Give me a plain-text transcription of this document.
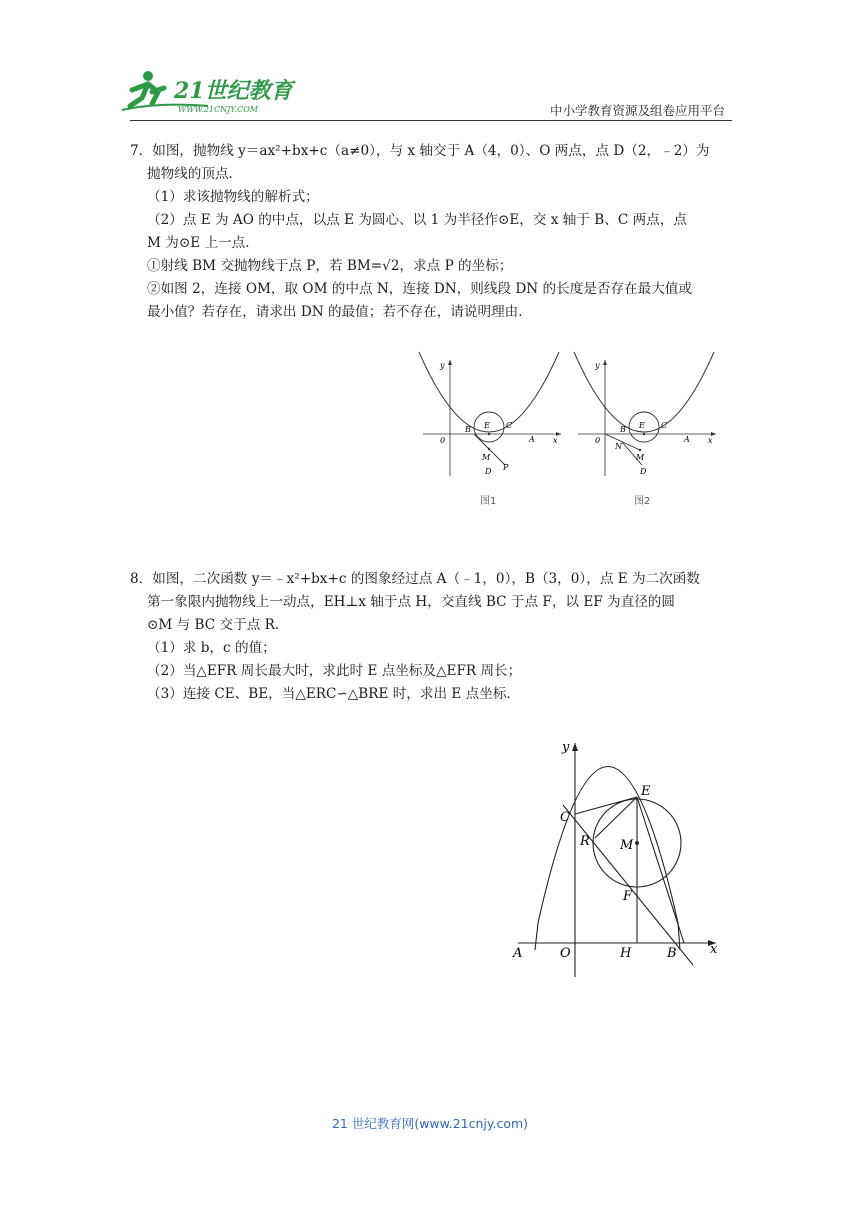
21世纪教育
WWW.21CNJY.COM	中小学教育资源及组卷应用平台

7．如图，抛物线 y＝ax²+bx+c（a≠0），与 x 轴交于 A（4，0）、O 两点，点 D（2，﹣2）为

抛物线的顶点．

（1）求该抛物线的解析式；

（2）点 E 为 AO 的中点，以点 E 为圆心、以 1 为半径作⊙E，交 x 轴于 B、C 两点，点

M 为⊙E 上一点．

①射线 BM 交抛物线于点 P，若 BM=√2，求点 P 的坐标；

②如图 2，连接 OM，取 OM 的中点 N，连接 DN，则线段 DN 的长度是否存在最大值或

最小值？若存在，请求出 DN 的最值；若不存在，请说明理由．

y
x
0
B E C
A
M
D P
图1
y
x
0
B E C
A
N
M
D
图2

8．如图，二次函数 y＝﹣x²+bx+c 的图象经过点 A（﹣1，0），B（3，0），点 E 为二次函数

第一象限内抛物线上一动点，EH⊥x 轴于点 H，交直线 BC 于点 F，以 EF 为直径的圆

⊙M 与 BC 交于点 R．

（1）求 b，c 的值；

（2）当△EFR 周长最大时，求此时 E 点坐标及△EFR 周长；

（3）连接 CE、BE，当△ERC∽△BRE 时，求出 E 点坐标．

y
x
A	O	H	B
C
E
R M
F
21 世纪教育网(www.21cnjy.com)
